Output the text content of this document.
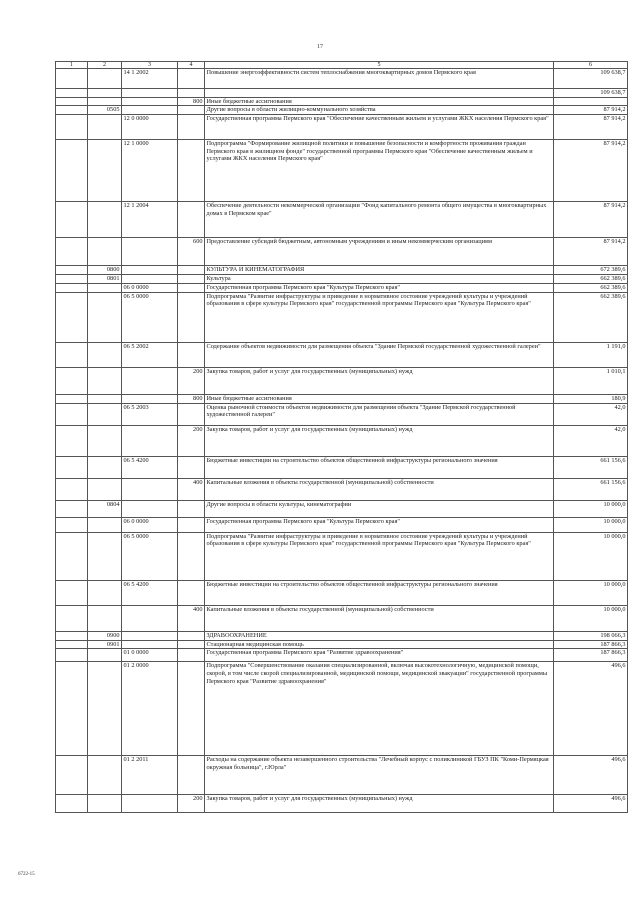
17
1	2	3	4	5	6
		14 1 2002		Повышение энергоэффективности систем теплоснабжения многоквартирных домов Пермского края	109 638,7
					109 638,7
			800	Иные бюджетные ассигнования	
	0505			Другие вопросы в области жилищно-коммунального хозяйства	87 914,2
		12 0 0000		Государственная программа Пермского края "Обеспечение качественным жильем и услугами ЖКХ населения Пермского края"	87 914,2
		12 1 0000		Подпрограмма "Формирование жилищной политики и повышение безопасности и комфортности проживания граждан Пермского края в жилищном фонде" государственной программы Пермского края "Обеспечение качественным жильем и услугами ЖКХ населения Пермского края"	87 914,2
		12 1 2004		Обеспечение деятельности некоммерческой организации "Фонд капитального ремонта общего имущества в многоквартирных домах в Пермском крае"	87 914,2
			600	Предоставление субсидий бюджетным, автономным учреждениям и иным некоммерческим организациям	87 914,2
	0800			КУЛЬТУРА И КИНЕМАТОГРАФИЯ	672 389,6
	0801			Культура	662 389,6
		06 0 0000		Государственная программа Пермского края "Культура Пермского края"	662 389,6
		06 5 0000		Подпрограмма "Развитие инфраструктуры и приведение в нормативное состояние учреждений культуры и учреждений образования в сфере культуры Пермского края" государственной программы Пермского края "Культура Пермского края"	662 389,6
		06 5 2002		Содержание объектов недвижимости для размещения объекта "Здание Пермской государственной художественной галереи"	1 191,0
			200	Закупка товаров, работ и услуг для государственных (муниципальных) нужд	1 010,1
			800	Иные бюджетные ассигнования	180,9
		06 5 2003		Оценка рыночной стоимости объектов недвижимости для размещения объекта "Здание Пермской государственной художественной галереи"	42,0
			200	Закупка товаров, работ и услуг для государственных (муниципальных) нужд	42,0
		06 5 4200		Бюджетные инвестиции на строительство объектов общественной инфраструктуры регионального значения	661 156,6
			400	Капитальные вложения в объекты государственной (муниципальной) собственности	661 156,6
	0804			Другие вопросы в области культуры, кинематографии	10 000,0
		06 0 0000		Государственная программа Пермского края "Культура Пермского края"	10 000,0
		06 5 0000		Подпрограмма "Развитие инфраструктуры и приведение в нормативное состояние учреждений культуры и учреждений образования в сфере культуры Пермского края" государственной программы Пермского края "Культура Пермского края"	10 000,0
		06 5 4200		Бюджетные инвестиции на строительство объектов общественной инфраструктуры регионального значения	10 000,0
			400	Капитальные вложения в объекты государственной (муниципальной) собственности	10 000,0
	0900			ЗДРАВООХРАНЕНИЕ	198 066,3
	0901			Стационарная медицинская помощь	187 866,3
		01 0 0000		Государственная программа Пермского края "Развитие здравоохранения"	187 866,3
		01 2 0000		Подпрограмма "Совершенствование оказания специализированной, включая высокотехнологичную, медицинской помощи, скорой, в том числе скорой специализированной, медицинской помощи, медицинской эвакуации" государственной программы Пермского края "Развитие здравоохранения"	496,6
		01 2 2011		Расходы на содержание объекта незавершенного строительства "Лечебный корпус с поликлиникой ГБУЗ ПК "Коми-Пермяцкая окружная больница", г.Юрла"	496,6
			200	Закупка товаров, работ и услуг для государственных (муниципальных) нужд	496,6
6722-15
